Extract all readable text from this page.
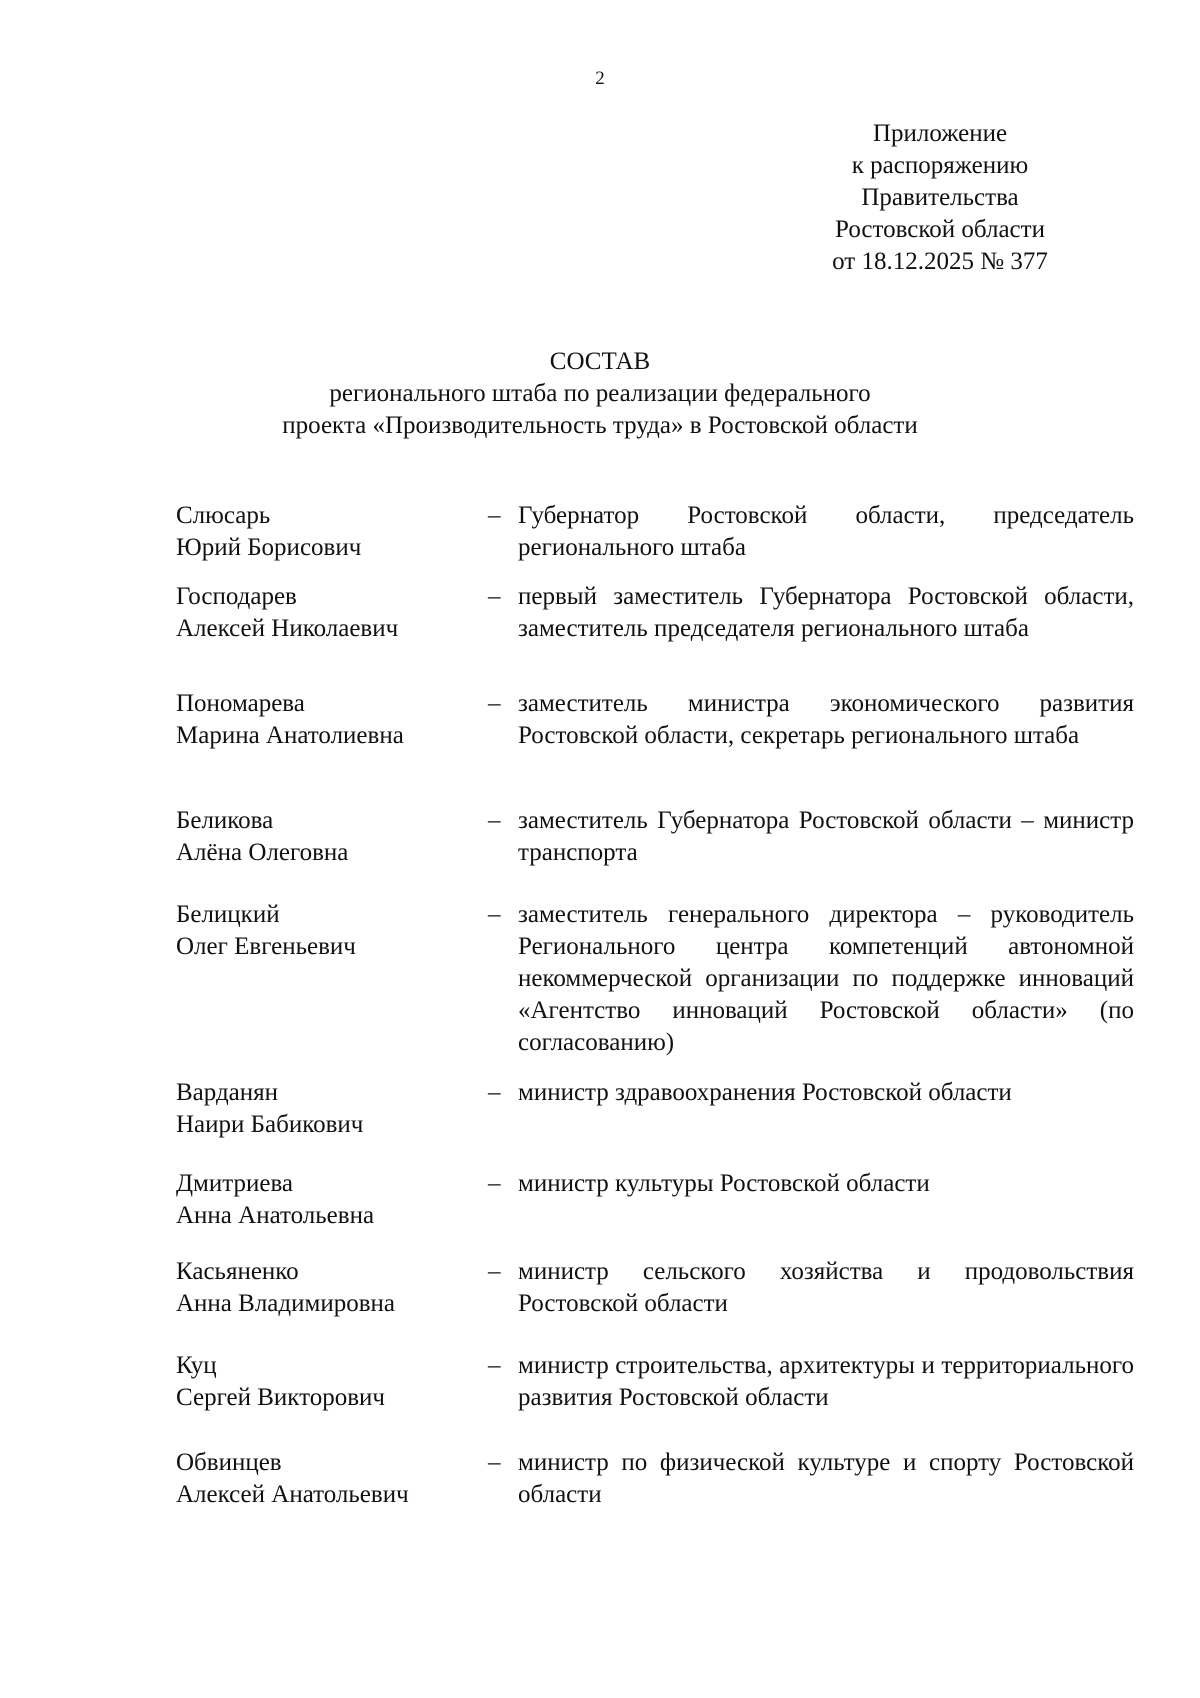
2
Приложение
к распоряжению
Правительства
Ростовской области
от 18.12.2025 № 377
СОСТАВ
регионального штаба по реализации федерального
проекта «Производительность труда» в Ростовской области
Слюсарь
Юрий Борисович
– Губернатор Ростовской области, председатель регионального штаба
Господарев
Алексей Николаевич
– первый заместитель Губернатора Ростовской области, заместитель председателя регионального штаба
Пономарева
Марина Анатолиевна
– заместитель министра экономического развития Ростовской области, секретарь регионального штаба
Беликова
Алёна Олеговна
– заместитель Губернатора Ростовской области – министр транспорта
Белицкий
Олег Евгеньевич
– заместитель генерального директора – руководитель Регионального центра компетенций автономной некоммерческой организации по поддержке инноваций «Агентство инноваций Ростовской области» (по согласованию)
Варданян
Наири Бабикович
– министр здравоохранения Ростовской области
Дмитриева
Анна Анатольевна
– министр культуры Ростовской области
Касьяненко
Анна Владимировна
– министр сельского хозяйства и продовольствия Ростовской области
Куц
Сергей Викторович
– министр строительства, архитектуры и территориального развития Ростовской области
Обвинцев
Алексей Анатольевич
– министр по физической культуре и спорту Ростовской области
